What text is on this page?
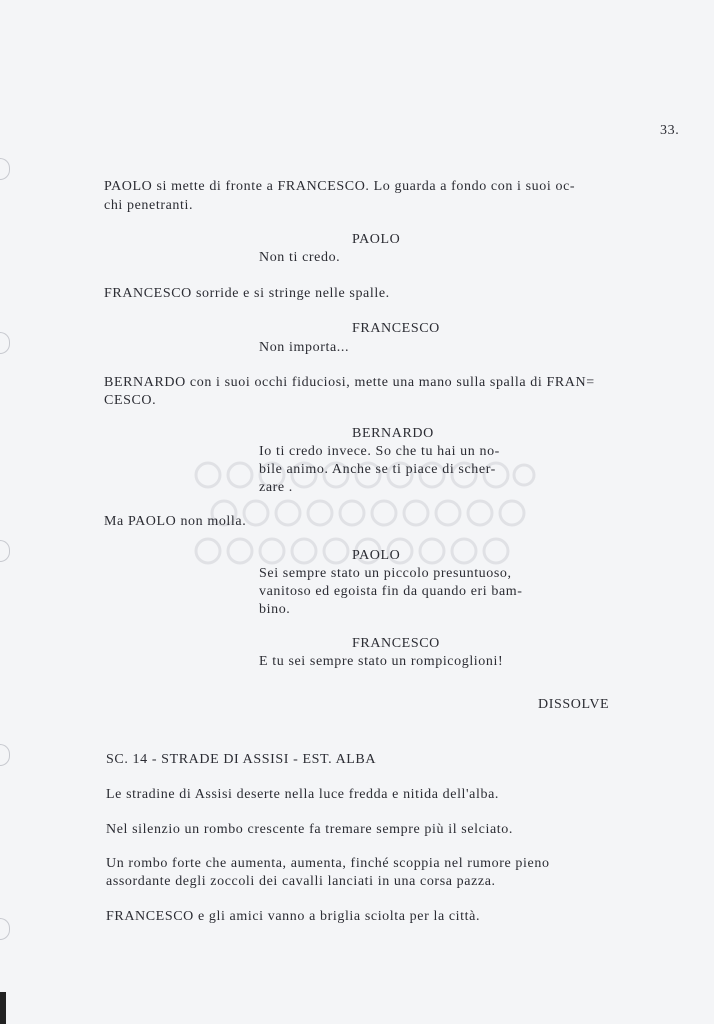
33.

PAOLO si mette di fronte a FRANCESCO. Lo guarda a fondo con i suoi oc-

chi penetranti.

PAOLO

Non ti credo.

FRANCESCO sorride e si stringe nelle spalle.

FRANCESCO

Non importa...

BERNARDO con i suoi occhi fiduciosi, mette una mano sulla spalla di FRAN=

CESCO.

BERNARDO

Io ti credo invece. So che tu hai un no-

bile animo. Anche se ti piace di scher-

zare .

Ma PAOLO non molla.

PAOLO

Sei sempre stato un piccolo presuntuoso,

vanitoso ed egoista fin da quando eri bam-

bino.

FRANCESCO

E tu sei sempre stato un rompicoglioni!

DISSOLVE

SC. 14 - STRADE DI ASSISI - EST. ALBA

Le stradine di Assisi deserte nella luce fredda e nitida dell'alba.

Nel silenzio un rombo crescente fa tremare sempre più il selciato.

Un rombo forte che aumenta, aumenta, finché scoppia nel rumore pieno

assordante degli zoccoli dei cavalli lanciati in una corsa pazza.

FRANCESCO e gli amici vanno a briglia sciolta per la città.
